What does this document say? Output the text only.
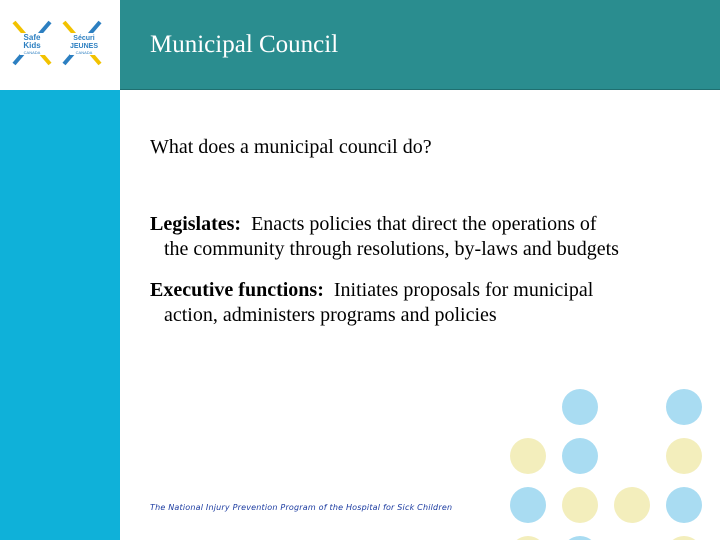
Safe
Kids
CANADA
Sécuri
JEUNES
CANADA Municipal Council
What does a municipal council do?
Legislates: Enacts policies that direct the operations of
the community through resolutions, by-laws and budgets
Executive functions: Initiates proposals for municipal
action, administers programs and policies
The National Injury Prevention Program of the Hospital for Sick Children
